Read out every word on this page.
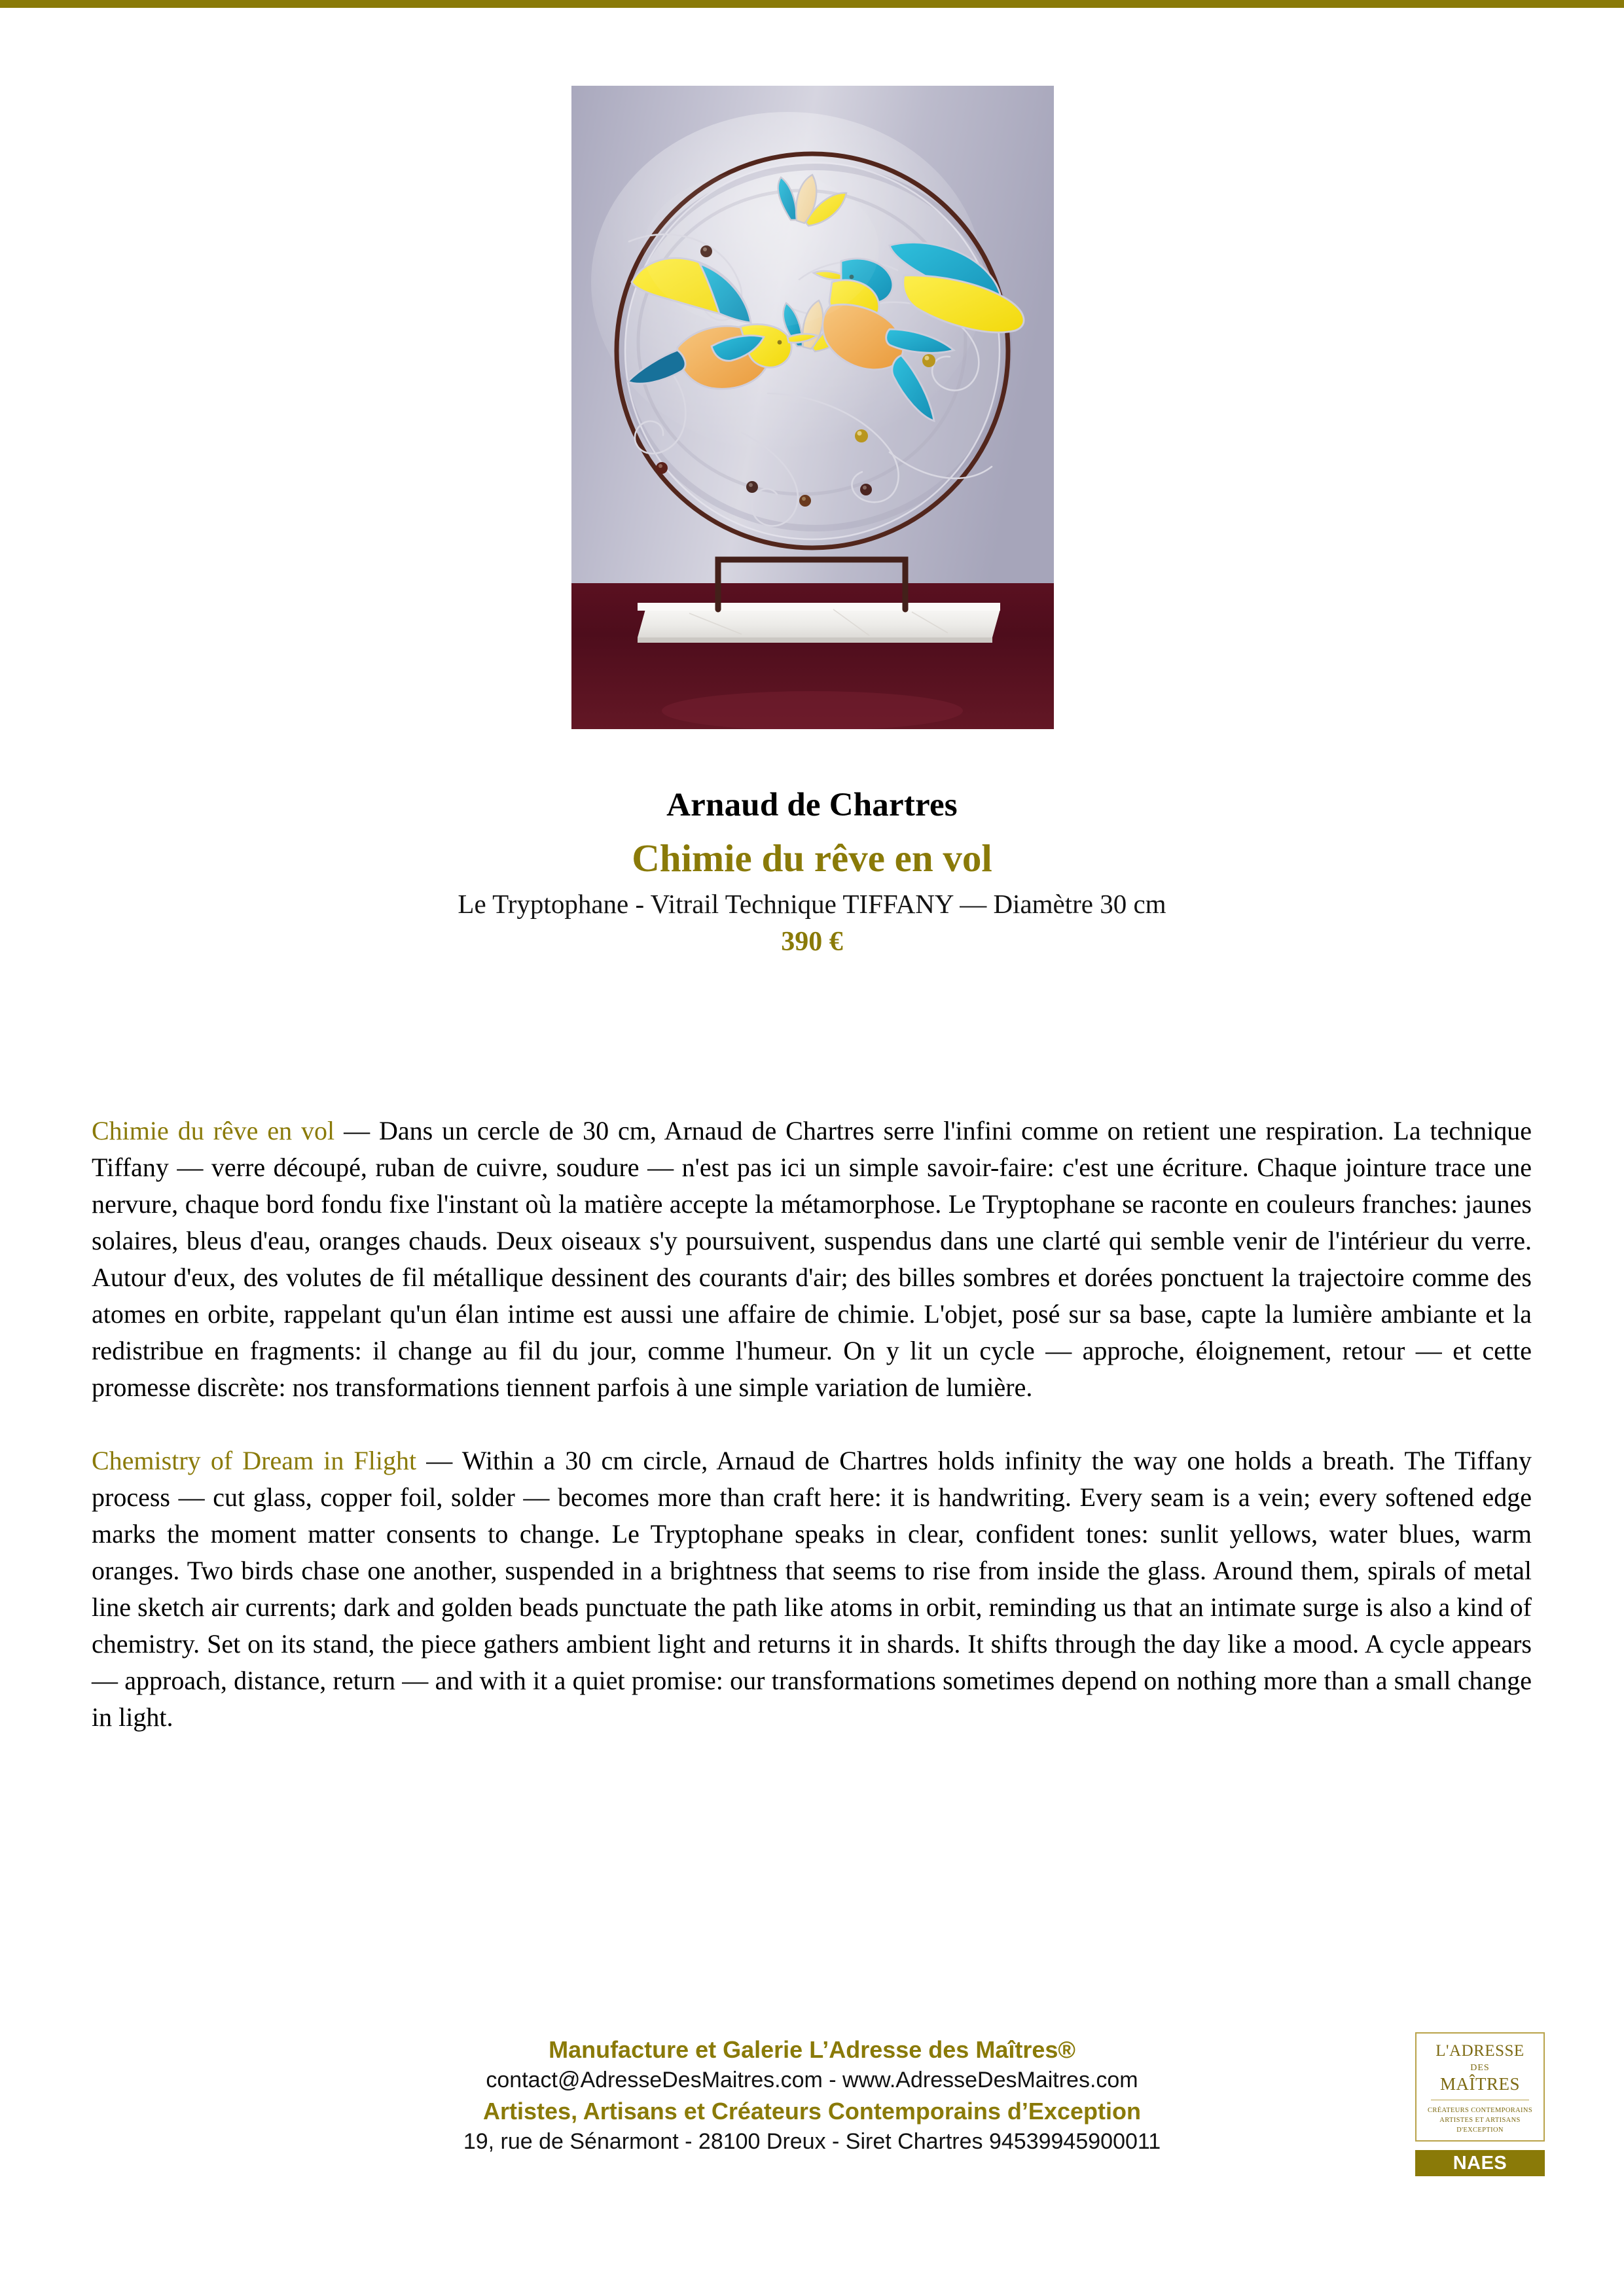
Arnaud de Chartres
Chimie du rêve en vol
Le Tryptophane - Vitrail Technique TIFFANY — Diamètre 30 cm
390 €

Chimie du rêve en vol — Dans un cercle de 30 cm, Arnaud de Chartres serre l'infini comme on retient une respiration. La technique Tiffany — verre découpé, ruban de cuivre, soudure — n'est pas ici un simple savoir-faire: c'est une écriture. Chaque jointure trace une nervure, chaque bord fondu fixe l'instant où la matière accepte la métamorphose. Le Tryptophane se raconte en couleurs franches: jaunes solaires, bleus d'eau, oranges chauds. Deux oiseaux s'y poursuivent, suspendus dans une clarté qui semble venir de l'intérieur du verre. Autour d'eux, des volutes de fil métallique dessinent des courants d'air; des billes sombres et dorées ponctuent la trajectoire comme des atomes en orbite, rappelant qu'un élan intime est aussi une affaire de chimie. L'objet, posé sur sa base, capte la lumière ambiante et la redistribue en fragments: il change au fil du jour, comme l'humeur. On y lit un cycle — approche, éloignement, retour — et cette promesse discrète: nos transformations tiennent parfois à une simple variation de lumière.

Chemistry of Dream in Flight — Within a 30 cm circle, Arnaud de Chartres holds infinity the way one holds a breath. The Tiffany process — cut glass, copper foil, solder — becomes more than craft here: it is handwriting. Every seam is a vein; every softened edge marks the moment matter consents to change. Le Tryptophane speaks in clear, confident tones: sunlit yellows, water blues, warm oranges. Two birds chase one another, suspended in a brightness that seems to rise from inside the glass. Around them, spirals of metal line sketch air currents; dark and golden beads punctuate the path like atoms in orbit, reminding us that an intimate surge is also a kind of chemistry. Set on its stand, the piece gathers ambient light and returns it in shards. It shifts through the day like a mood. A cycle appears — approach, distance, return — and with it a quiet promise: our transformations sometimes depend on nothing more than a small change in light.

Manufacture et Galerie L’Adresse des Maîtres®
contact@AdresseDesMaitres.com - www.AdresseDesMaitres.com
Artistes, Artisans et Créateurs Contemporains d’Exception
19, rue de Sénarmont - 28100 Dreux - Siret Chartres 94539945900011
L'ADRESSE
DES
MAÎTRES
CRÉATEURS CONTEMPORAINS
ARTISTES ET ARTISANS
D'EXCEPTION
NAES
